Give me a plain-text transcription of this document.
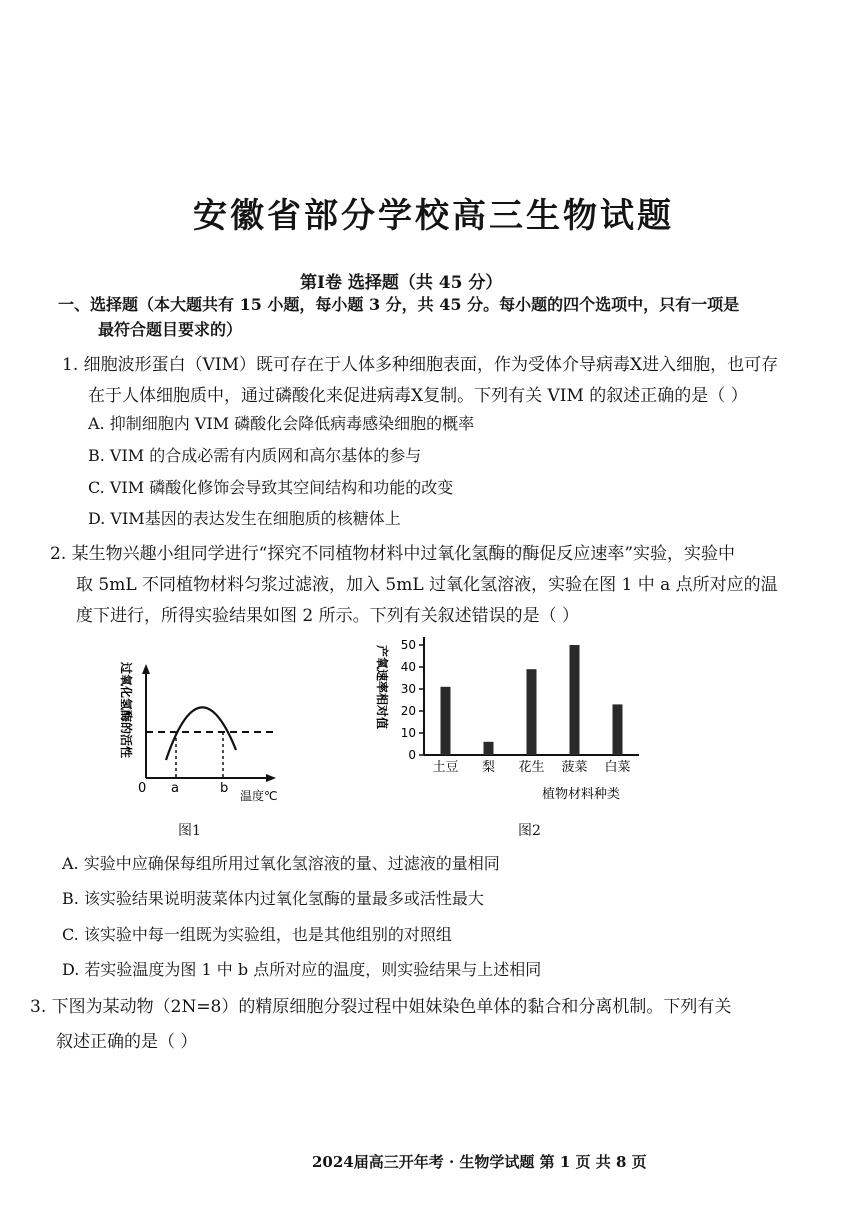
安徽省部分学校高三生物试题
第Ⅰ卷 选择题（共 45 分）
一、选择题（本大题共有 15 小题，每小题 3 分，共 45 分。每小题的四个选项中，只有一项是
最符合题目要求的）
1. 细胞波形蛋白（VIM）既可存在于人体多种细胞表面，作为受体介导病毒X进入细胞，也可存
在于人体细胞质中，通过磷酸化来促进病毒X复制。下列有关 VIM 的叙述正确的是（ ）
A. 抑制细胞内 VIM 磷酸化会降低病毒感染细胞的概率
B. VIM 的合成必需有内质网和高尔基体的参与
C. VIM 磷酸化修饰会导致其空间结构和功能的改变
D. VIM基因的表达发生在细胞质的核糖体上
2. 某生物兴趣小组同学进行“探究不同植物材料中过氧化氢酶的酶促反应速率”实验，实验中
取 5mL 不同植物材料匀浆过滤液，加入 5mL 过氧化氢溶液，实验在图 1 中 a 点所对应的温
度下进行，所得实验结果如图 2 所示。下列有关叙述错误的是（ ）
过氧化氢酶的活性
0 a	b 温度℃
图1
产氧速率相对值
0
10
20
30
40
50
土豆 梨 花生 菠菜 白菜
植物材料种类
图2
A. 实验中应确保每组所用过氧化氢溶液的量、过滤液的量相同
B. 该实验结果说明菠菜体内过氧化氢酶的量最多或活性最大
C. 该实验中每一组既为实验组，也是其他组别的对照组
D. 若实验温度为图 1 中 b 点所对应的温度，则实验结果与上述相同
3. 下图为某动物（2N=8）的精原细胞分裂过程中姐妹染色单体的黏合和分离机制。下列有关
叙述正确的是（ ）
2024届高三开年考 · 生物学试题 第 1 页 共 8 页
